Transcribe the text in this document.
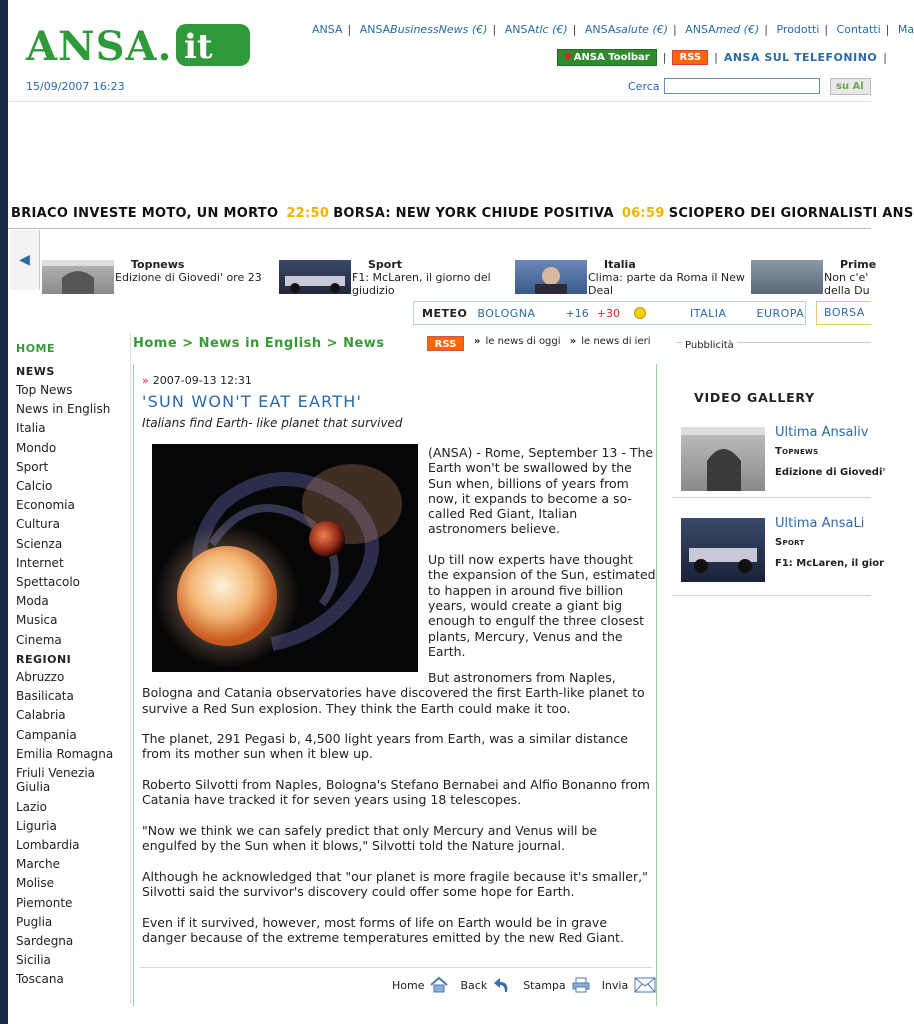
ANSA. it	ANSA | ANSABusinessNews (€) | ANSAtlc (€) | ANSAsalute (€) | ANSAmed (€) | Prodotti | Contatti | Ma
▼ ANSA Toolbar	|	RSS	| ANSA SUL TELEFONINO |
15/09/2007 16:23	Cerca	su Al
BRIACO INVESTE MOTO, UN MORTO 22:50 BORSA: NEW YORK CHIUDE POSITIVA 06:59 SCIOPERO DEI GIORNALISTI ANS
◀	Topnews
Edizione di Giovedi' ore 23
Sport
F1: McLaren, il giorno del
giudizio
Italia
Clima: parte da Roma il New
Deal
Prime
Non c'e'
della Du
METEO BOLOGNA	+16 +30	ITALIA	EUROPA	BORSA
HOME
NEWS
Top News
News in English
Italia
Mondo
Sport
Calcio
Economia
Cultura
Scienza
Internet
Spettacolo
Moda
Musica
Cinema
REGIONI
Abruzzo
Basilicata
Calabria
Campania
Emilia Romagna
Friuli Venezia Giulia
Lazio
Liguria
Lombardia
Marche
Molise
Piemonte
Puglia
Sardegna
Sicilia
Toscana
Home > News in English > News	RSS	» le news di oggi » le news di ieri
» 2007-09-13 12:31
'SUN WON'T EAT EARTH'
Italians find Earth- like planet that survived

(ANSA) - Rome, September 13 - The Earth won't be swallowed by the Sun when, billions of years from now, it expands to become a so-called Red Giant, Italian astronomers believe.

Up till now experts have thought the expansion of the Sun, estimated to happen in around five billion years, would create a giant big enough to engulf the three closest plants, Mercury, Venus and the Earth.

But astronomers from Naples,

Bologna and Catania observatories have discovered the first Earth-like planet to survive a Red Sun explosion. They think the Earth could make it too.

The planet, 291 Pegasi b, 4,500 light years from Earth, was a similar distance from its mother sun when it blew up.

Roberto Silvotti from Naples, Bologna's Stefano Bernabei and Alfio Bonanno from Catania have tracked it for seven years using 18 telescopes.

"Now we think we can safely predict that only Mercury and Venus will be engulfed by the Sun when it blows," Silvotti told the Nature journal.

Although he acknowledged that "our planet is more fragile because it's smaller," Silvotti said the survivor's discovery could offer some hope for Earth.

Even if it survived, however, most forms of life on Earth would be in grave danger because of the extreme temperatures emitted by the new Red Giant.

Home	Back	Stampa	Invia
Pubblicità
VIDEO GALLERY
Ultima Ansaliv
Topnews
Edizione di Giovedi'
Ultima AnsaLi
Sport
F1: McLaren, il gior
